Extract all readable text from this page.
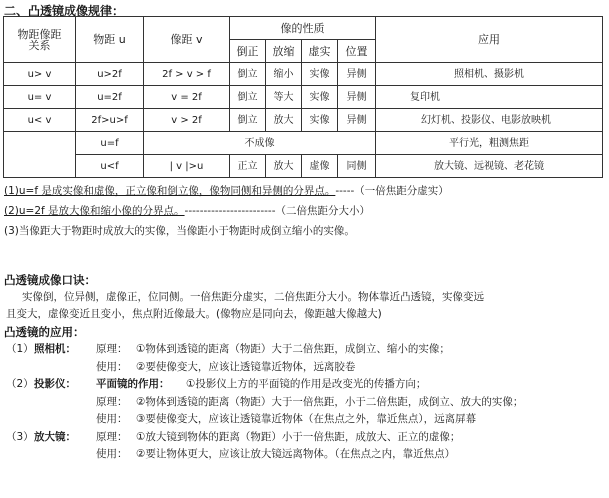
二、凸透镜成像规律：
物距像距
关系	物距 u	像距 v	像的性质				应用
			倒正	放缩	虚实	位置	
u> v	u>2f	2f > v > f	倒立	缩小	实像	异侧	照相机、摄影机
u= v	u=2f	v = 2f	倒立	等大	实像	异侧	复印机
u< v	2f>u>f	v > 2f	倒立	放大	实像	异侧	幻灯机、投影仪、电影放映机
	u=f	不成像					平行光，粗测焦距
	u<f	| v |>u	正立	放大	虚像	同侧	放大镜、远视镜、老花镜
(1)u=f 是成实像和虚像，正立像和倒立像，像物同侧和异侧的分界点。-----（一倍焦距分虚实）
(2)u=2f 是放大像和缩小像的分界点。------------------------（二倍焦距分大小）
(3)当像距大于物距时成放大的实像，当像距小于物距时成倒立缩小的实像。
凸透镜成像口诀：
实像倒，位异侧，虚像正，位同侧。一倍焦距分虚实，二倍焦距分大小。物体靠近凸透镜，实像变远
且变大，虚像变近且变小，焦点附近像最大。(像物应是同向去，像距越大像越大)
凸透镜的应用：
（1）照相机： 原理： ①物体到透镜的距离（物距）大于二倍焦距，成倒立、缩小的实像；
使用： ②要使像变大，应该让透镜靠近物体，远离胶卷
（2）投影仪： 平面镜的作用： ①投影仪上方的平面镜的作用是改变光的传播方向；
原理： ②物体到透镜的距离（物距）大于一倍焦距，小于二倍焦距，成倒立、放大的实像；
使用： ③要使像变大，应该让透镜靠近物体（在焦点之外，靠近焦点），远离屏幕
（3）放大镜： 原理： ①放大镜到物体的距离（物距）小于一倍焦距，成放大、正立的虚像；
使用： ②要让物体更大，应该让放大镜远离物体。（在焦点之内，靠近焦点）
